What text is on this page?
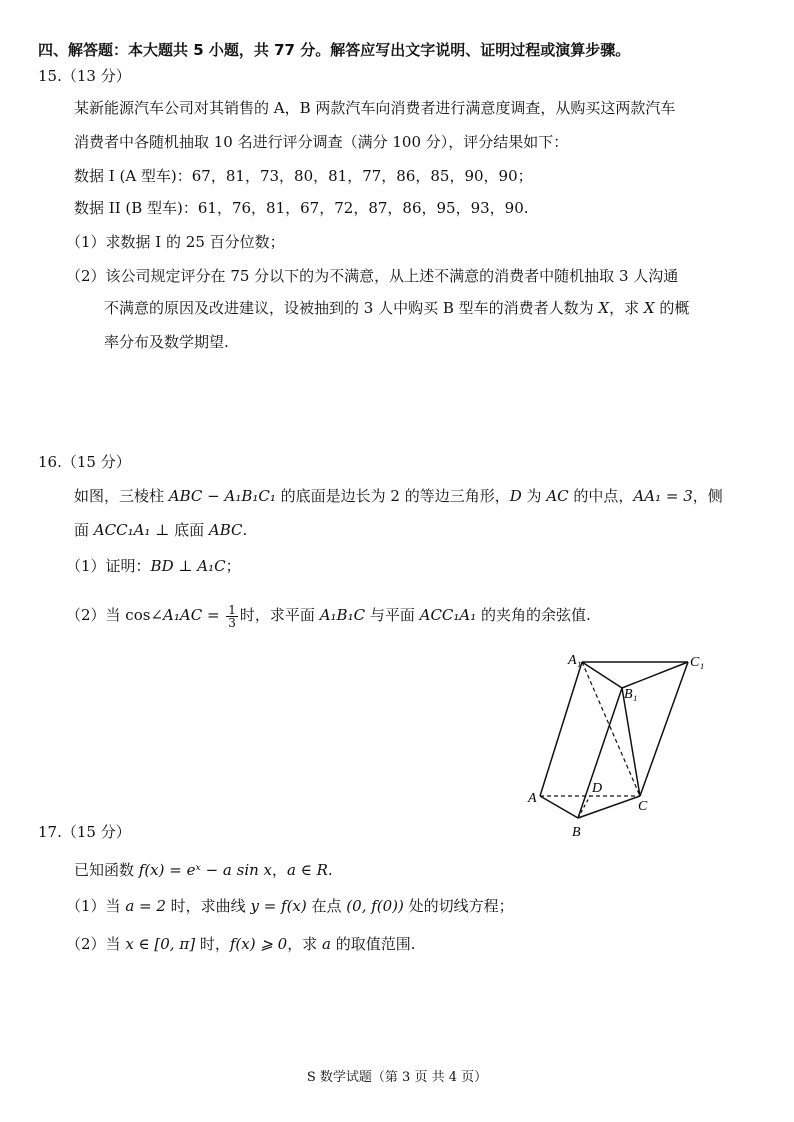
四、解答题：本大题共 5 小题，共 77 分。解答应写出文字说明、证明过程或演算步骤。
15.（13 分）
某新能源汽车公司对其销售的 A，B 两款汽车向消费者进行满意度调查，从购买这两款汽车
消费者中各随机抽取 10 名进行评分调查（满分 100 分），评分结果如下：
数据 I (A 型车)：67，81，73，80，81，77，86，85，90，90；
数据 II (B 型车)：61，76，81，67，72，87，86，95，93，90.
（1）求数据 I 的 25 百分位数；
（2）该公司规定评分在 75 分以下的为不满意，从上述不满意的消费者中随机抽取 3 人沟通
不满意的原因及改进建议，设被抽到的 3 人中购买 B 型车的消费者人数为 X，求 X 的概
率分布及数学期望.
16.（15 分）
如图，三棱柱 ABC − A₁B₁C₁ 的底面是边长为 2 的等边三角形，D 为 AC 的中点，AA₁ = 3，侧
面 ACC₁A₁ ⊥ 底面 ABC.
（1）证明：BD ⊥ A₁C；
（2）当 cos∠A₁AC = $\frac{1}{3}$ 时，求平面 A₁B₁C 与平面 ACC₁A₁ 的夹角的余弦值.
A₁	C₁
B₁
A
D
C
B
17.（15 分）
已知函数 f(x) = eˣ − a sin x，a ∈ R.
（1）当 a = 2 时，求曲线 y = f(x) 在点 (0, f(0)) 处的切线方程；
（2）当 x ∈ [0, π] 时，f(x) ⩾ 0，求 a 的取值范围.
S 数学试题（第 3 页 共 4 页）
